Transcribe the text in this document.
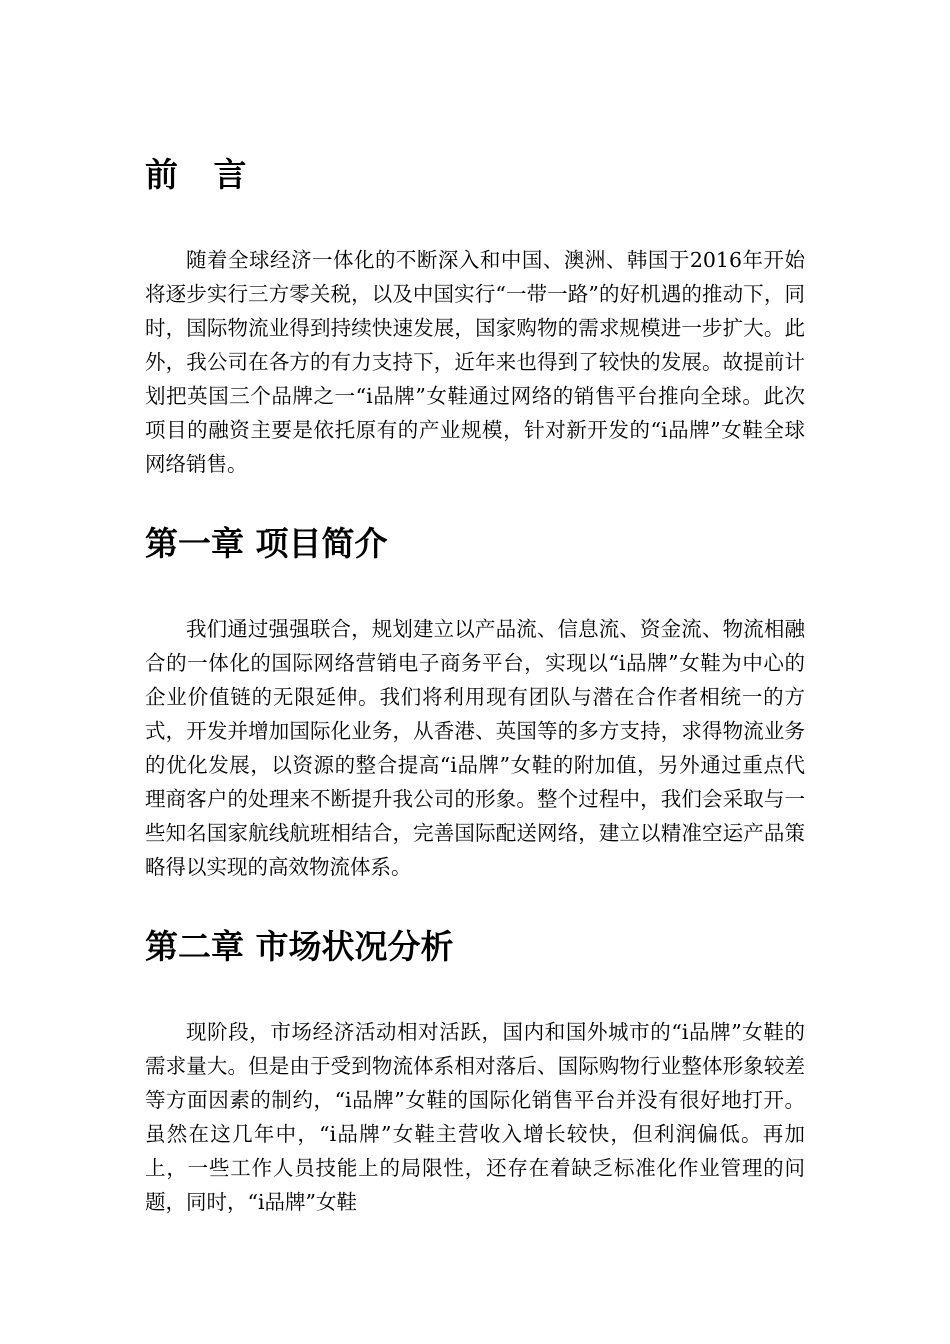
前 言

随着全球经济一体化的不断深入和中国、澳洲、韩国于2016年开始将逐步实行三方零关税，以及中国实行“一带一路”的好机遇的推动下，同时，国际物流业得到持续快速发展，国家购物的需求规模进一步扩大。此外，我公司在各方的有力支持下，近年来也得到了较快的发展。故提前计划把英国三个品牌之一“i品牌”女鞋通过网络的销售平台推向全球。此次项目的融资主要是依托原有的产业规模，针对新开发的“i品牌”女鞋全球网络销售。

第一章 项目简介

我们通过强强联合，规划建立以产品流、信息流、资金流、物流相融合的一体化的国际网络营销电子商务平台，实现以“i品牌”女鞋为中心的企业价值链的无限延伸。我们将利用现有团队与潜在合作者相统一的方式，开发并增加国际化业务，从香港、英国等的多方支持，求得物流业务的优化发展，以资源的整合提高“i品牌”女鞋的附加值，另外通过重点代理商客户的处理来不断提升我公司的形象。整个过程中，我们会采取与一些知名国家航线航班相结合，完善国际配送网络，建立以精准空运产品策略得以实现的高效物流体系。

第二章 市场状况分析

现阶段，市场经济活动相对活跃，国内和国外城市的“i品牌”女鞋的需求量大。但是由于受到物流体系相对落后、国际购物行业整体形象较差等方面因素的制约，“i品牌”女鞋的国际化销售平台并没有很好地打开。虽然在这几年中，“i品牌”女鞋主营收入增长较快，但利润偏低。再加上，一些工作人员技能上的局限性，还存在着缺乏标准化作业管理的问题，同时，“i品牌”女鞋
